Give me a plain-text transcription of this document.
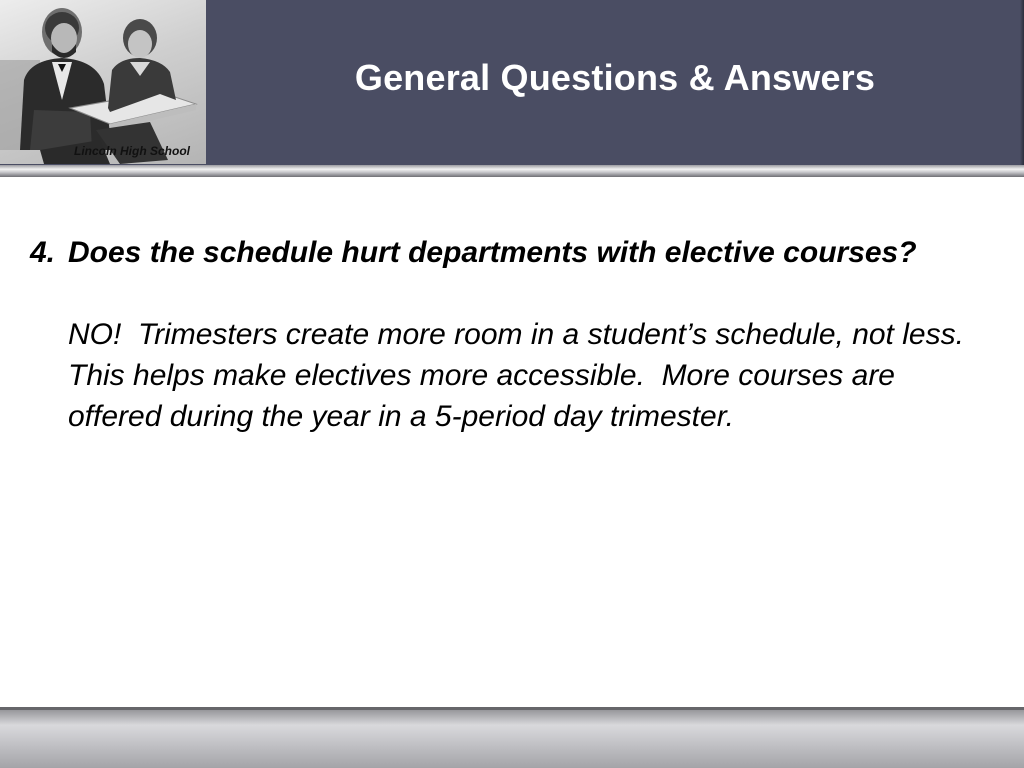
Lincoln High School
General Questions & Answers
4. Does the schedule hurt departments with elective courses?
NO!  Trimesters create more room in a student’s schedule, not less.  This helps make electives more accessible.  More courses are offered during the year in a 5-period day trimester.
